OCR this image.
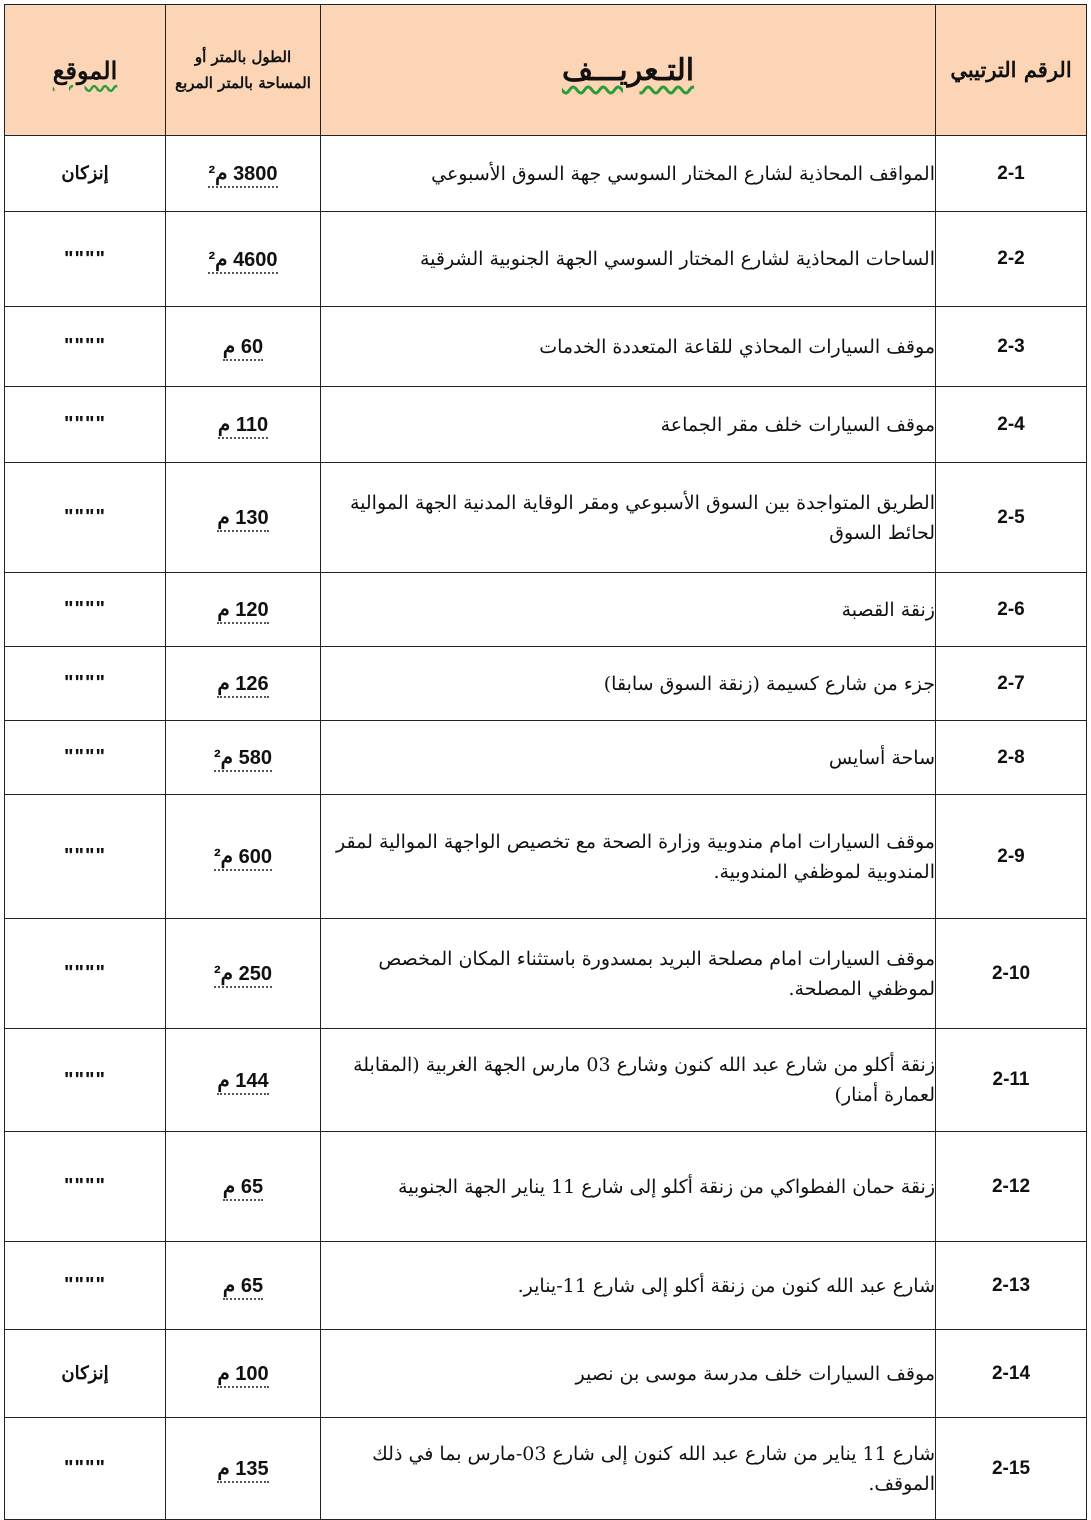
الرقم الترتيبي	التـعريـــف	الطول بالمتر أو المساحة بالمتر المربع	الموقع
2-1	المواقف المحاذية لشارع المختار السوسي جهة السوق الأسبوعي	3800 م²	إنزكان
2-2	الساحات المحاذية لشارع المختار السوسي الجهة الجنوبية الشرقية	4600 م²	""""
2-3	موقف السيارات المحاذي للقاعة المتعددة الخدمات	60 م	""""
2-4	موقف السيارات خلف مقر الجماعة	110 م	""""
2-5	الطريق المتواجدة بين السوق الأسبوعي ومقر الوقاية المدنية الجهة الموالية لحائط السوق	130 م	""""
2-6	زنقة القصبة	120 م	""""
2-7	جزء من شارع كسيمة (زنقة السوق سابقا)	126 م	""""
2-8	ساحة أسايس	580 م²	""""
2-9	موقف السيارات امام مندوبية وزارة الصحة مع تخصيص الواجهة الموالية لمقر المندوبية لموظفي المندوبية.	600 م²	""""
2-10	موقف السيارات امام مصلحة البريد بمسدورة باستثناء المكان المخصص لموظفي المصلحة.	250 م²	""""
2-11	زنقة أكلو من شارع عبد الله كنون وشارع 03 مارس الجهة الغربية (المقابلة لعمارة أمنار)	144 م	""""
2-12	زنقة حمان الفطواكي من زنقة أكلو إلى شارع 11 يناير الجهة الجنوبية	65 م	""""
2-13	شارع عبد الله كنون من زنقة أكلو إلى شارع 11-يناير.	65 م	""""
2-14	موقف السيارات خلف مدرسة موسى بن نصير	100 م	إنزكان
2-15	شارع 11 يناير من شارع عبد الله كنون إلى شارع 03-مارس بما في ذلك الموقف.	135 م	""""
